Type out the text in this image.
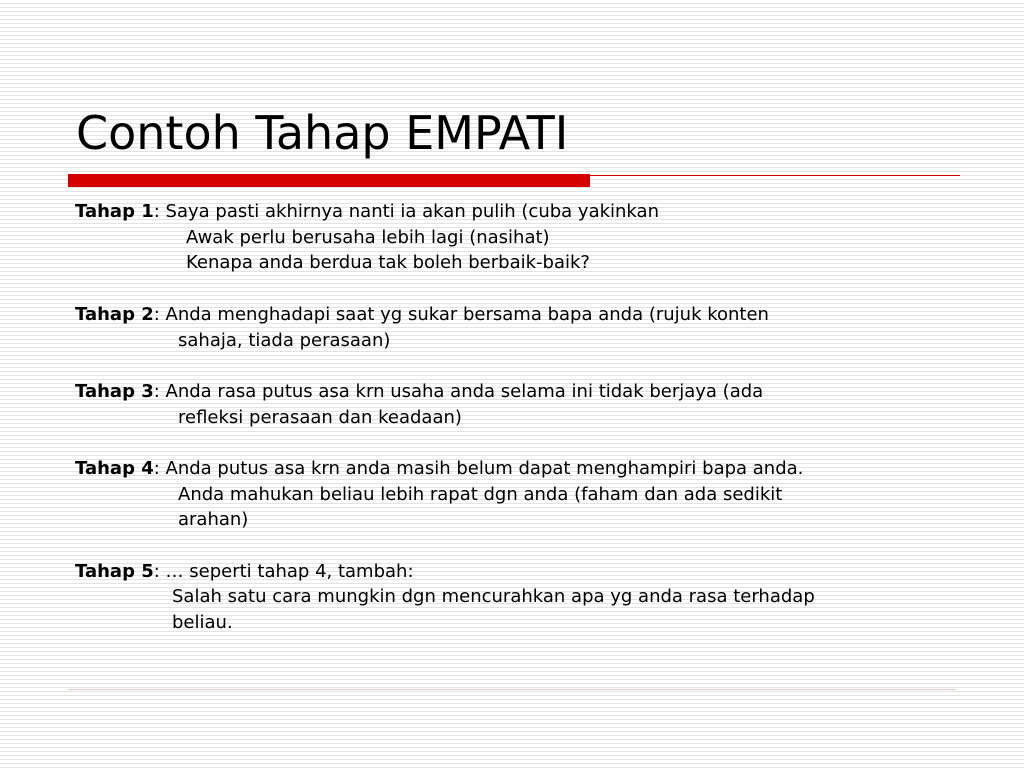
Contoh Tahap EMPATI
Tahap 1: Saya pasti akhirnya nanti ia akan pulih (cuba yakinkan
Awak perlu berusaha lebih lagi (nasihat)
Kenapa anda berdua tak boleh berbaik-baik?
Tahap 2: Anda menghadapi saat yg sukar bersama bapa anda (rujuk konten
sahaja, tiada perasaan)
Tahap 3: Anda rasa putus asa krn usaha anda selama ini tidak berjaya (ada
refleksi perasaan dan keadaan)
Tahap 4: Anda putus asa krn anda masih belum dapat menghampiri bapa anda.
Anda mahukan beliau lebih rapat dgn anda (faham dan ada sedikit
arahan)
Tahap 5: … seperti tahap 4, tambah:
Salah satu cara mungkin dgn mencurahkan apa yg anda rasa terhadap
beliau.
